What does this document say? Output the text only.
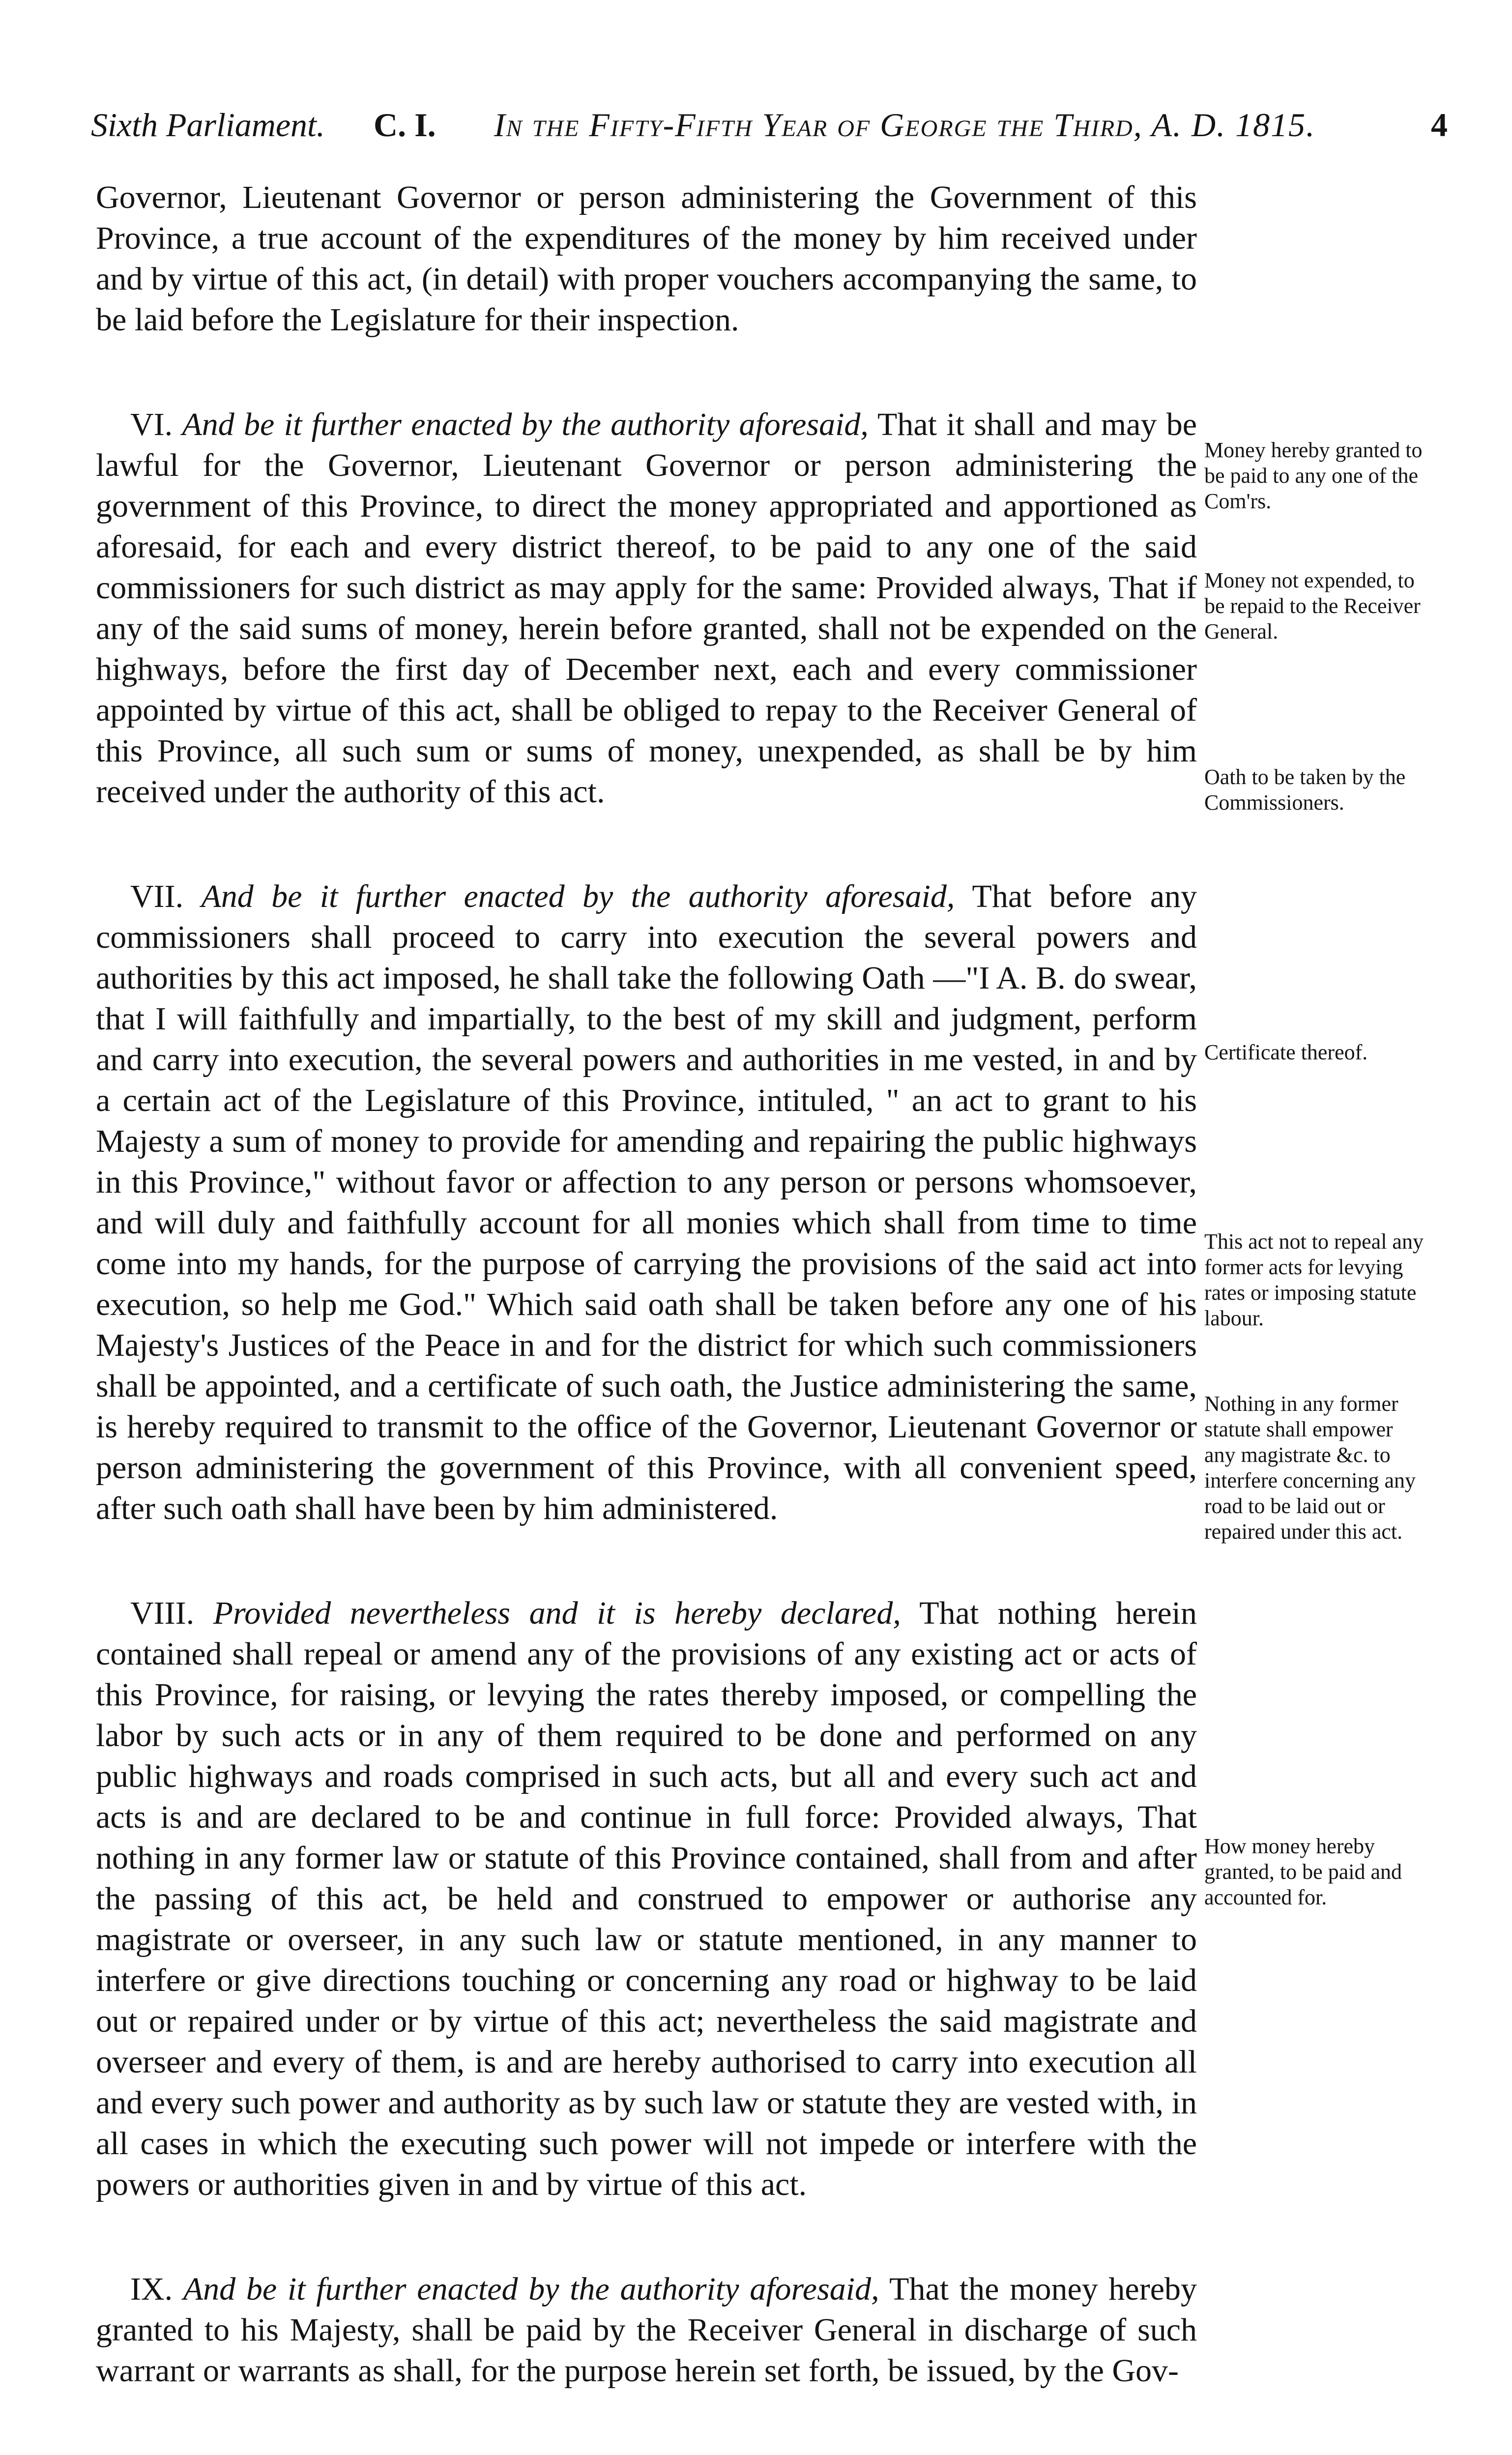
Sixth Parliament. C. I. In the Fifty-Fifth Year of George the Third, A. D. 1815.	4

Governor, Lieutenant Governor or person administering the Government of this Province, a true account of the expenditures of the money by him received under and by virtue of this act, (in detail) with proper vouchers accompanying the same, to be laid before the Legislature for their inspection.

VI. And be it further enacted by the authority aforesaid, That it shall and may be lawful for the Governor, Lieutenant Governor or person administering the government of this Province, to direct the money appropriated and apportioned as aforesaid, for each and every district thereof, to be paid to any one of the said commissioners for such district as may apply for the same: Provided always, That if any of the said sums of money, herein before granted, shall not be expended on the highways, before the first day of December next, each and every commissioner appointed by virtue of this act, shall be obliged to repay to the Receiver General of this Province, all such sum or sums of money, unexpended, as shall be by him received under the authority of this act.

VII. And be it further enacted by the authority aforesaid, That before any commissioners shall proceed to carry into execution the several powers and authorities by this act imposed, he shall take the following Oath —"I A. B. do swear, that I will faithfully and impartially, to the best of my skill and judgment, perform and carry into execution, the several powers and authorities in me vested, in and by a certain act of the Legislature of this Province, intituled, " an act to grant to his Majesty a sum of money to provide for amending and repairing the public highways in this Province," without favor or affection to any person or persons whomsoever, and will duly and faithfully account for all monies which shall from time to time come into my hands, for the purpose of carrying the provisions of the said act into execution, so help me God." Which said oath shall be taken before any one of his Majesty's Justices of the Peace in and for the district for which such commissioners shall be appointed, and a certificate of such oath, the Justice administering the same, is hereby required to transmit to the office of the Governor, Lieutenant Governor or person administering the government of this Province, with all convenient speed, after such oath shall have been by him administered.

VIII. Provided nevertheless and it is hereby declared, That nothing herein contained shall repeal or amend any of the provisions of any existing act or acts of this Province, for raising, or levying the rates thereby imposed, or compelling the labor by such acts or in any of them required to be done and performed on any public highways and roads comprised in such acts, but all and every such act and acts is and are declared to be and continue in full force: Provided always, That nothing in any former law or statute of this Province contained, shall from and after the passing of this act, be held and construed to empower or authorise any magistrate or overseer, in any such law or statute mentioned, in any manner to interfere or give directions touching or concerning any road or highway to be laid out or repaired under or by virtue of this act; nevertheless the said magistrate and overseer and every of them, is and are hereby authorised to carry into execution all and every such power and authority as by such law or statute they are vested with, in all cases in which the executing such power will not impede or interfere with the powers or authorities given in and by virtue of this act.

IX. And be it further enacted by the authority aforesaid, That the money hereby granted to his Majesty, shall be paid by the Receiver General in discharge of such warrant or warrants as shall, for the purpose herein set forth, be issued, by the Gov-

Money hereby granted to be paid to any one of the Com'rs.
Money not expended, to be repaid to the Receiver General.
Oath to be taken by the Commissioners.
Certificate thereof.
This act not to repeal any former acts for levying rates or imposing statute labour.
Nothing in any former statute shall empower any magistrate &c. to interfere concerning any road to be laid out or repaired under this act.
How money hereby granted, to be paid and accounted for.
